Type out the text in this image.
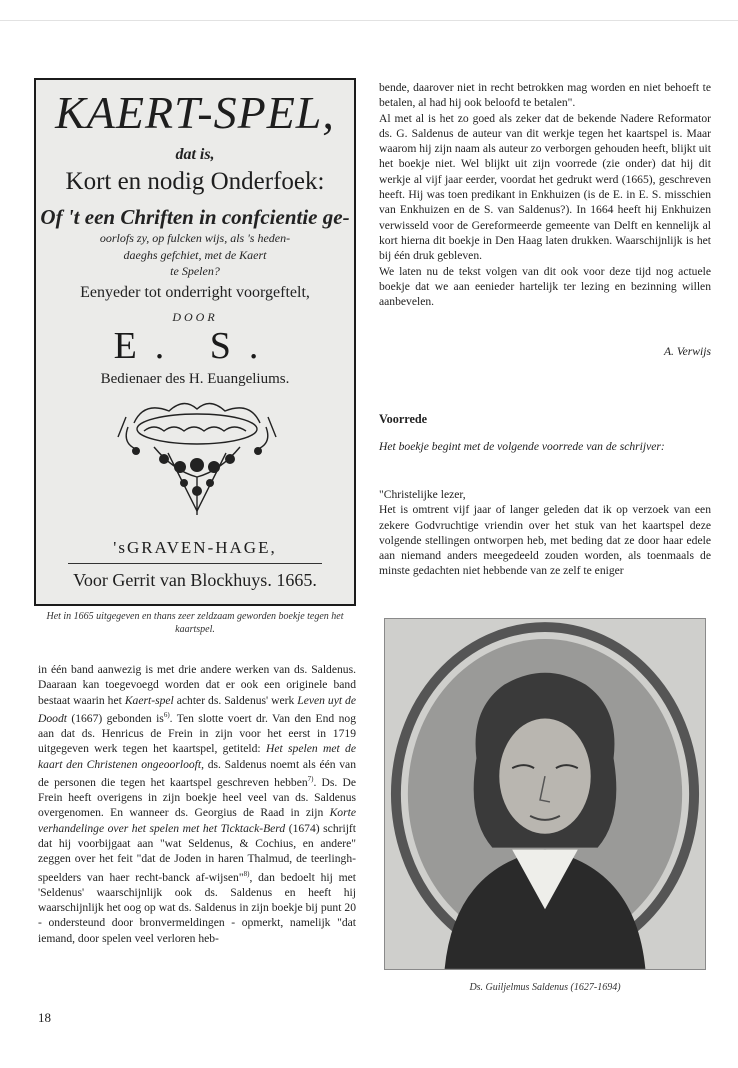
KAERT-SPEL,
dat is,
Kort en nodig Onderfoek:
Of 't een Chriften in confcientie ge-
oorlofs zy, op fulcken wijs, als 's heden-
daeghs gefchiet, met de Kaert
te Spelen?
Eenyeder tot onderright voorgeftelt,
DOOR
E. S.
Bedienaer des H. Euangeliums.
'sGRAVEN-HAGE,
Voor Gerrit van Blockhuys. 1665.
Het in 1665 uitgegeven en thans zeer zeldzaam geworden boekje tegen het kaartspel.

bende, daarover niet in recht betrokken mag worden en niet behoeft te betalen, al had hij ook beloofd te betalen".

Al met al is het zo goed als zeker dat de bekende Nadere Reformator ds. G. Saldenus de auteur van dit werkje tegen het kaartspel is. Maar waarom hij zijn naam als auteur zo verborgen gehouden heeft, blijkt uit het boekje niet. Wel blijkt uit zijn voorrede (zie onder) dat hij dit werkje al vijf jaar eerder, voordat het gedrukt werd (1665), geschreven heeft. Hij was toen predikant in Enkhuizen (is de E. in E. S. misschien van Enkhuizen en de S. van Saldenus?). In 1664 heeft hij Enkhuizen verwisseld voor de Gereformeerde gemeente van Delft en kennelijk al kort hierna dit boekje in Den Haag laten drukken. Waarschijnlijk is het bij één druk gebleven.

We laten nu de tekst volgen van dit ook voor deze tijd nog actuele boekje dat we aan eenieder hartelijk ter lezing en bezinning willen aanbevelen.

A. Verwijs
Voorrede
Het boekje begint met de volgende voorrede van de schrijver:

"Christelijke lezer,

Het is omtrent vijf jaar of langer geleden dat ik op verzoek van een zekere Godvruchtige vriendin over het stuk van het kaartspel deze volgende stellingen ontworpen heb, met beding dat ze door haar edele aan niemand anders meegedeeld zouden worden, als toenmaals de minste gedachten niet hebbende van ze zelf te eniger

in één band aanwezig is met drie andere werken van ds. Saldenus. Daaraan kan toegevoegd worden dat er ook een originele band bestaat waarin het Kaert-spel achter ds. Saldenus' werk Leven uyt de Doodt (1667) gebonden $is^{6)}$. Ten slotte voert dr. Van den End nog aan dat ds. Henricus de Frein in zijn voor het eerst in 1719 uitgegeven werk tegen het kaartspel, getiteld: Het spelen met de kaart den Christenen ongeoorlooft, ds. Saldenus noemt als één van de personen die tegen het kaartspel geschreven hebben$^{7)}$. Ds. De Frein heeft overigens in zijn boekje heel veel van ds. Saldenus overgenomen. En wanneer ds. Georgius de Raad in zijn Korte verhandelinge over het spelen met het Ticktack-Berd (1674) schrijft dat hij voorbijgaat aan "wat Seldenus, & Cochius, en andere" zeggen over het feit "dat de Joden in haren Thalmud, de teerlingh-speelders van haer recht-banck af-wijsen"$^{8)}$, dan bedoelt hij met 'Seldenus' waarschijnlijk ook ds. Saldenus en heeft hij waarschijnlijk het oog op wat ds. Saldenus in zijn boekje bij punt 20 - ondersteund door bronvermeldingen - opmerkt, namelijk "dat iemand, door spelen veel verloren heb-

Ds. Guiljelmus Saldenus (1627-1694)
18
